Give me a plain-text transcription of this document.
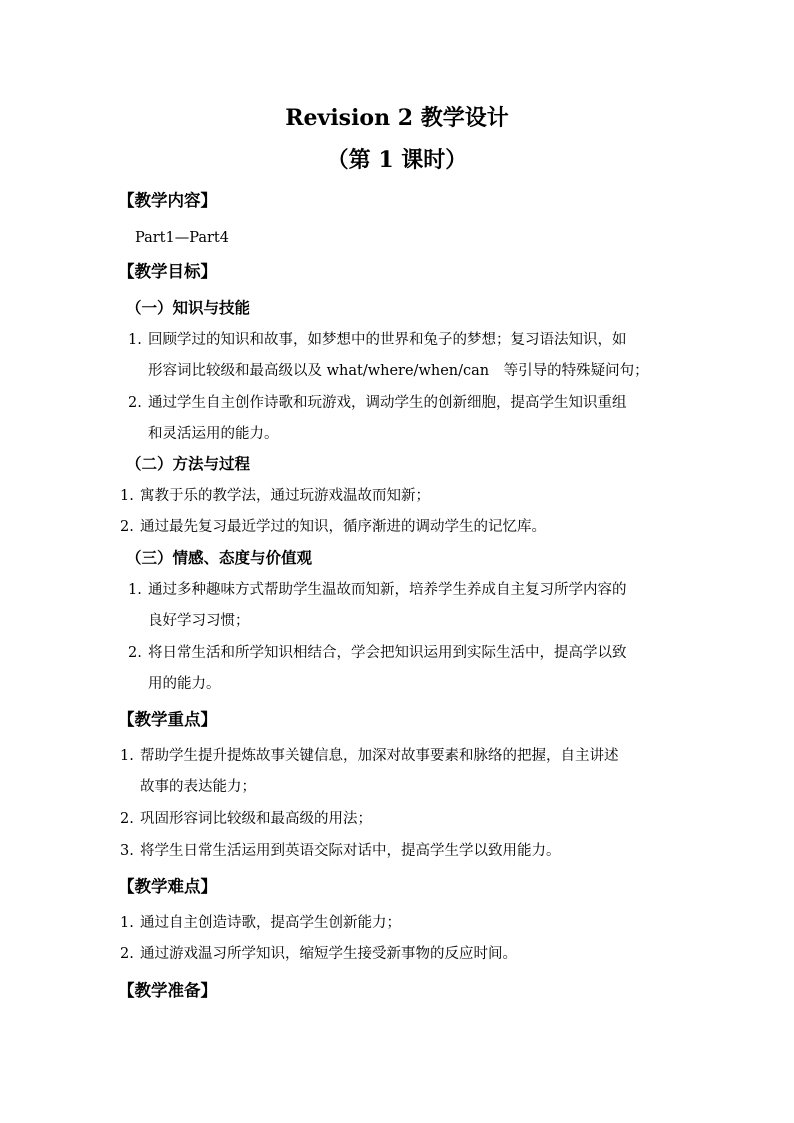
Revision 2 教学设计
（第 1 课时）
【教学内容】
Part1—Part4
【教学目标】
（一）知识与技能
1. 回顾学过的知识和故事，如梦想中的世界和兔子的梦想；复习语法知识，如
形容词比较级和最高级以及 what/where/when/can　等引导的特殊疑问句；
2. 通过学生自主创作诗歌和玩游戏，调动学生的创新细胞，提高学生知识重组
和灵活运用的能力。
（二）方法与过程
1. 寓教于乐的教学法，通过玩游戏温故而知新；
2. 通过最先复习最近学过的知识，循序渐进的调动学生的记忆库。
（三）情感、态度与价值观
1. 通过多种趣味方式帮助学生温故而知新，培养学生养成自主复习所学内容的
良好学习习惯；
2. 将日常生活和所学知识相结合，学会把知识运用到实际生活中，提高学以致
用的能力。
【教学重点】
1. 帮助学生提升提炼故事关键信息，加深对故事要素和脉络的把握，自主讲述
故事的表达能力；
2. 巩固形容词比较级和最高级的用法；
3. 将学生日常生活运用到英语交际对话中，提高学生学以致用能力。
【教学难点】
1. 通过自主创造诗歌，提高学生创新能力；
2. 通过游戏温习所学知识，缩短学生接受新事物的反应时间。
【教学准备】
